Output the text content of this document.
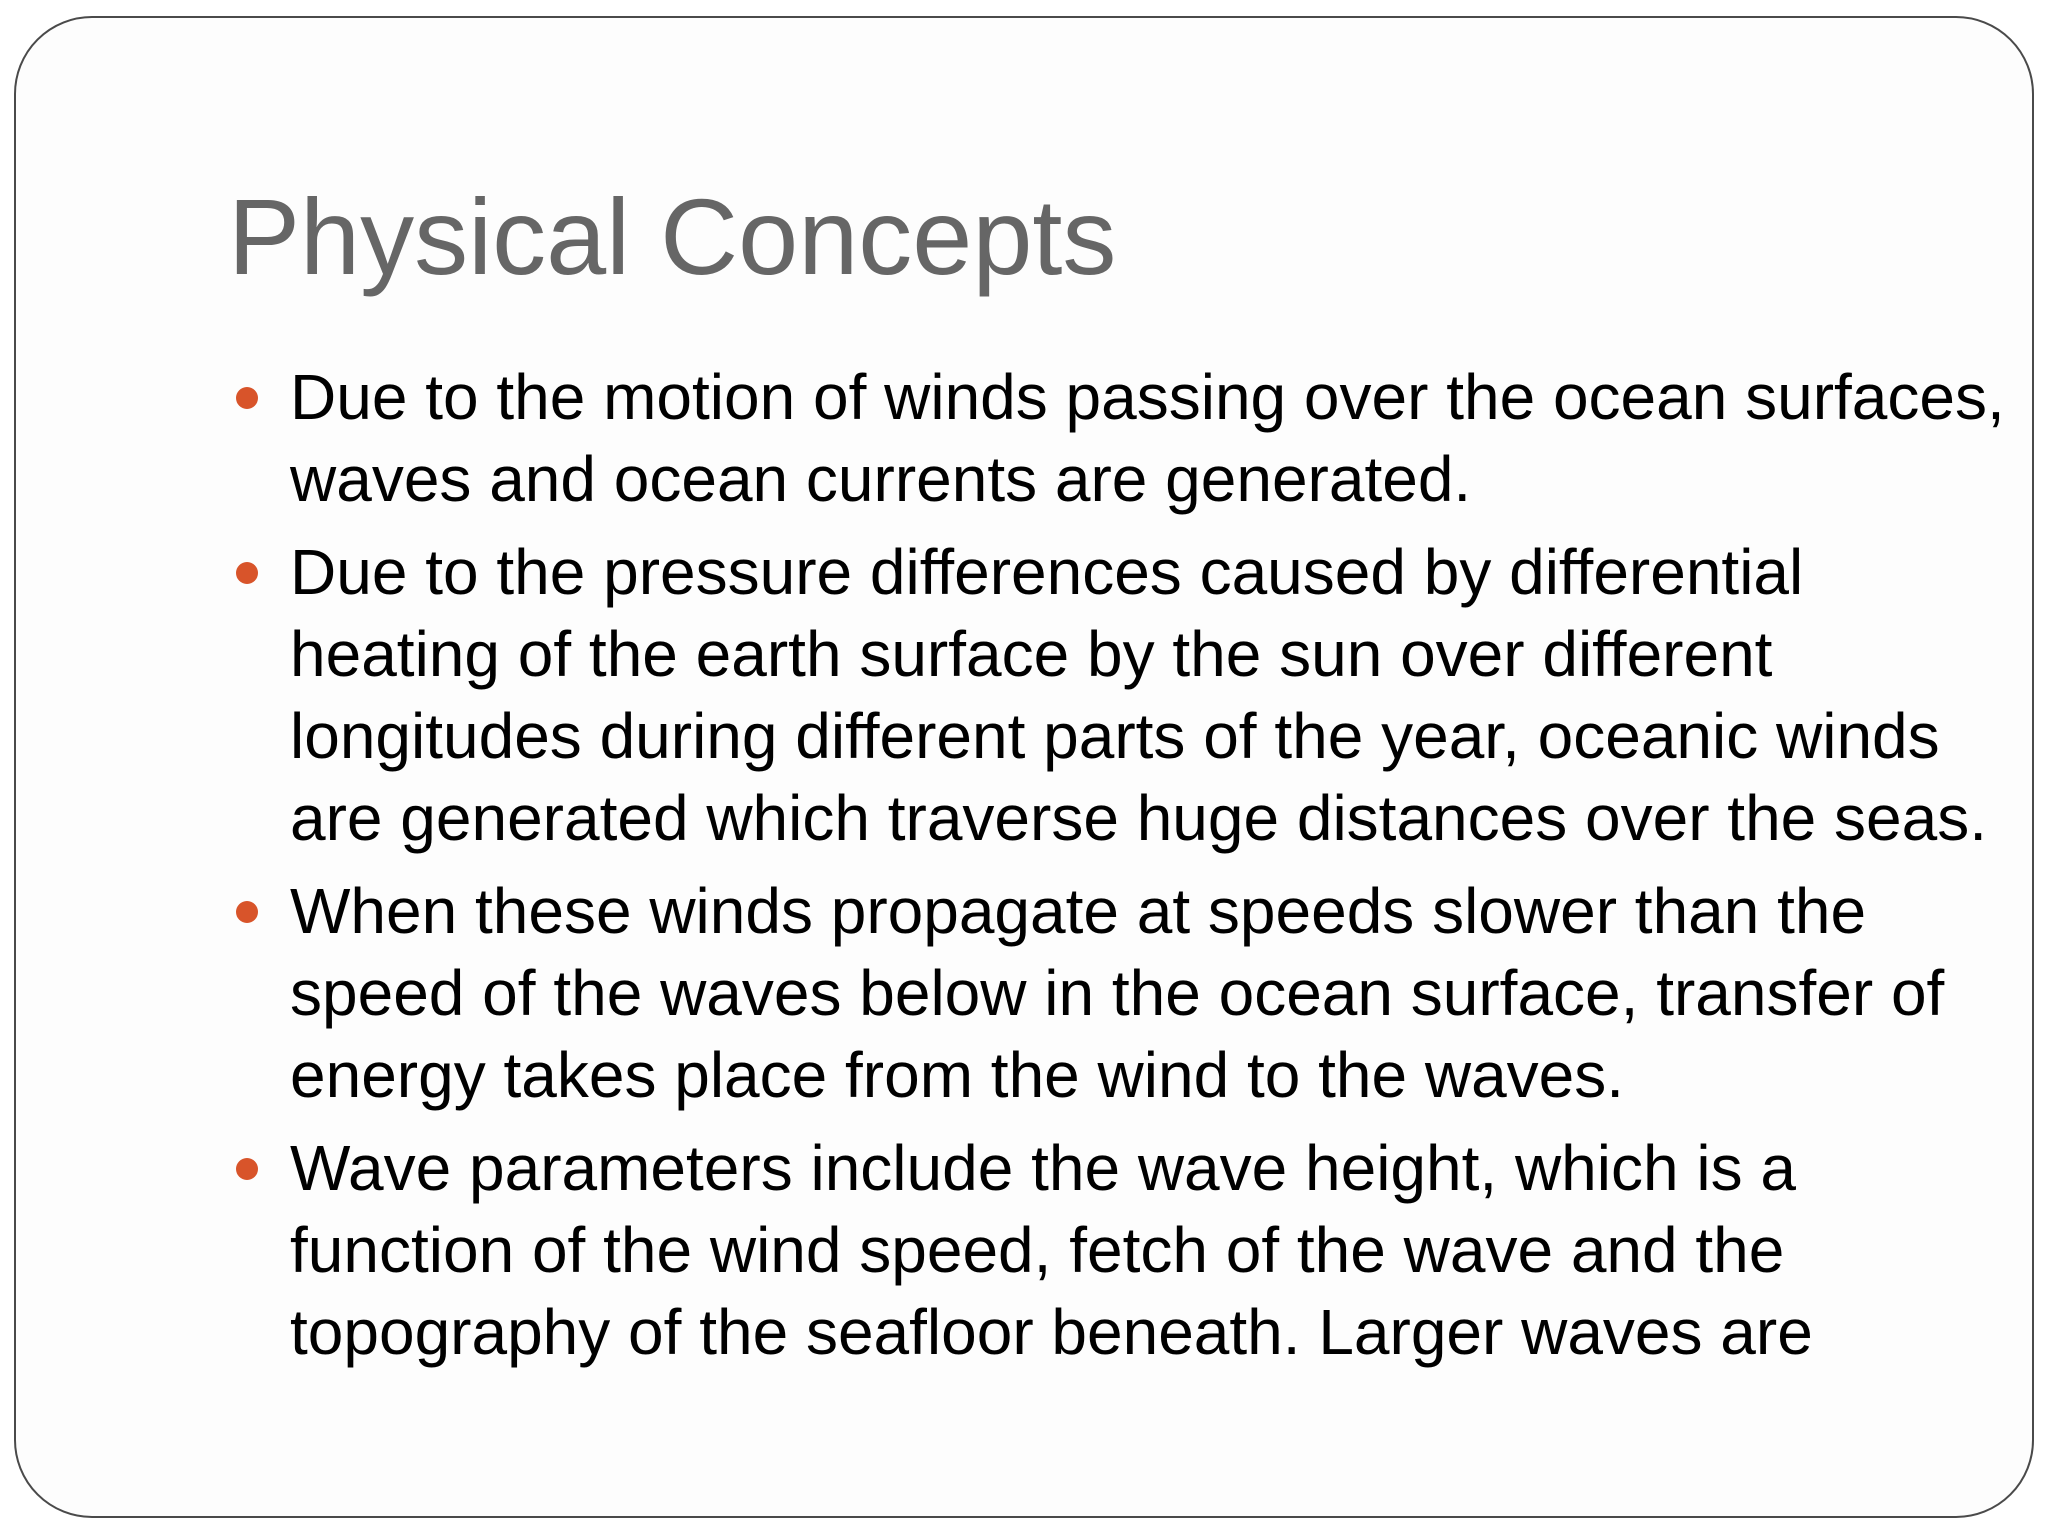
Physical Concepts
Due to the motion of winds passing over the ocean surfaces, waves and ocean currents are generated.
Due to the pressure differences caused by differential heating of the earth surface by the sun over different longitudes during different parts of the year, oceanic winds are generated which traverse huge distances over the seas.
When these winds propagate at speeds slower than the speed of the waves below in the ocean surface, transfer of energy takes place from the wind to the waves.
Wave parameters include the wave height, which is a function of the wind speed, fetch of the wave and the topography of the seafloor beneath. Larger waves are
